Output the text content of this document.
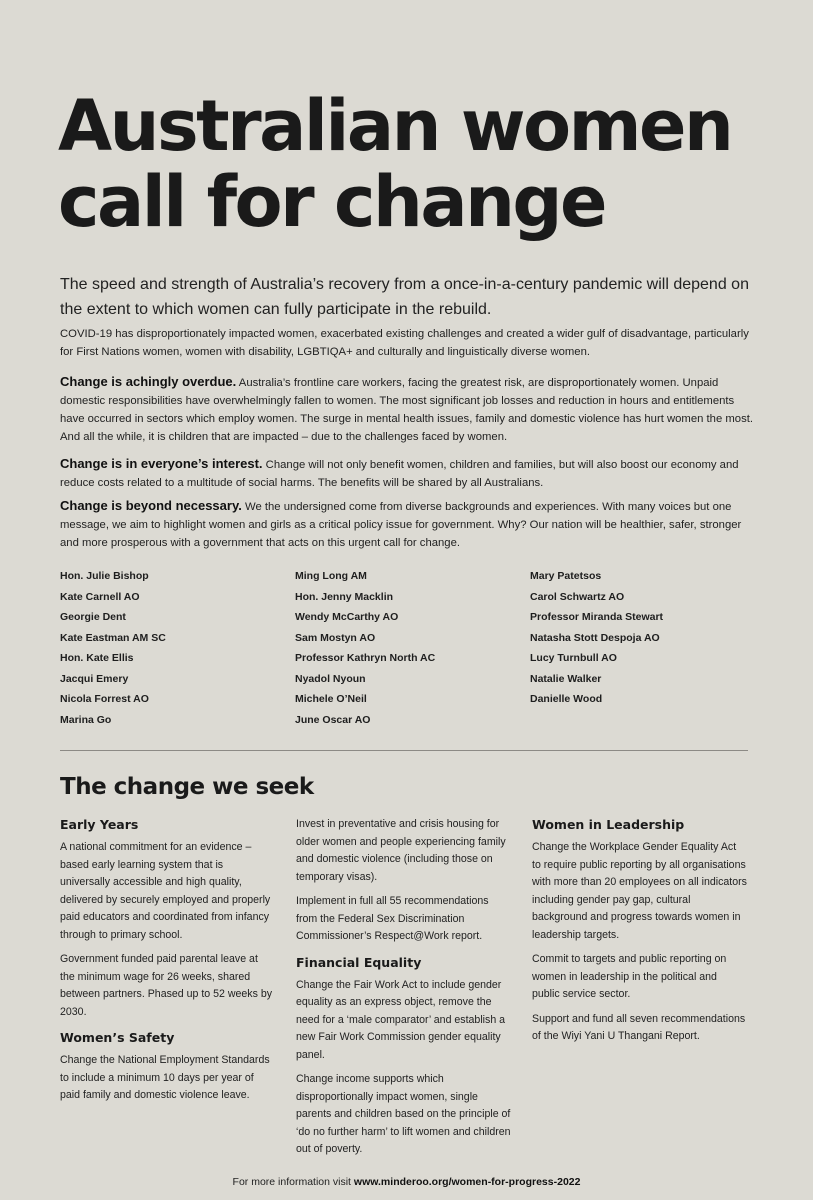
Australian women
call for change

The speed and strength of Australia’s recovery from a once-in-a-century pandemic will depend on the extent to which women can fully participate in the rebuild.

COVID-19 has disproportionately impacted women, exacerbated existing challenges and created a wider gulf of disadvantage, particularly for First Nations women, women with disability, LGBTIQA+ and culturally and linguistically diverse women.

Change is achingly overdue. Australia’s frontline care workers, facing the greatest risk, are disproportionately women. Unpaid domestic responsibilities have overwhelmingly fallen to women. The most significant job losses and reduction in hours and entitlements have occurred in sectors which employ women. The surge in mental health issues, family and domestic violence has hurt women the most. And all the while, it is children that are impacted – due to the challenges faced by women.

Change is in everyone’s interest. Change will not only benefit women, children and families, but will also boost our economy and reduce costs related to a multitude of social harms. The benefits will be shared by all Australians.

Change is beyond necessary. We the undersigned come from diverse backgrounds and experiences. With many voices but one message, we aim to highlight women and girls as a critical policy issue for government. Why? Our nation will be healthier, safer, stronger and more prosperous with a government that acts on this urgent call for change.

Hon. Julie Bishop
Kate Carnell AO
Georgie Dent
Kate Eastman AM SC
Hon. Kate Ellis
Jacqui Emery
Nicola Forrest AO
Marina Go
Ming Long AM
Hon. Jenny Macklin
Wendy McCarthy AO
Sam Mostyn AO
Professor Kathryn North AC
Nyadol Nyoun
Michele O’Neil
June Oscar AO
Mary Patetsos
Carol Schwartz AO
Professor Miranda Stewart
Natasha Stott Despoja AO
Lucy Turnbull AO
Natalie Walker
Danielle Wood
The change we seek
Early Years

A national commitment for an evidence – based early learning system that is universally accessible and high quality, delivered by securely employed and properly paid educators and coordinated from infancy through to primary school.

Government funded paid parental leave at the minimum wage for 26 weeks, shared between partners. Phased up to 52 weeks by 2030.

Women’s Safety

Change the National Employment Standards to include a minimum 10 days per year of paid family and domestic violence leave.

Invest in preventative and crisis housing for older women and people experiencing family and domestic violence (including those on temporary visas).

Implement in full all 55 recommendations from the Federal Sex Discrimination Commissioner’s Respect@Work report.

Financial Equality

Change the Fair Work Act to include gender equality as an express object, remove the need for a ‘male comparator’ and establish a new Fair Work Commission gender equality panel.

Change income supports which disproportionally impact women, single parents and children based on the principle of ‘do no further harm’ to lift women and children out of poverty.

Women in Leadership

Change the Workplace Gender Equality Act to require public reporting by all organisations with more than 20 employees on all indicators including gender pay gap, cultural background and progress towards women in leadership targets.

Commit to targets and public reporting on women in leadership in the political and public service sector.

Support and fund all seven recommendations of the Wiyi Yani U Thangani Report.

For more information visit www.minderoo.org/women-for-progress-2022
